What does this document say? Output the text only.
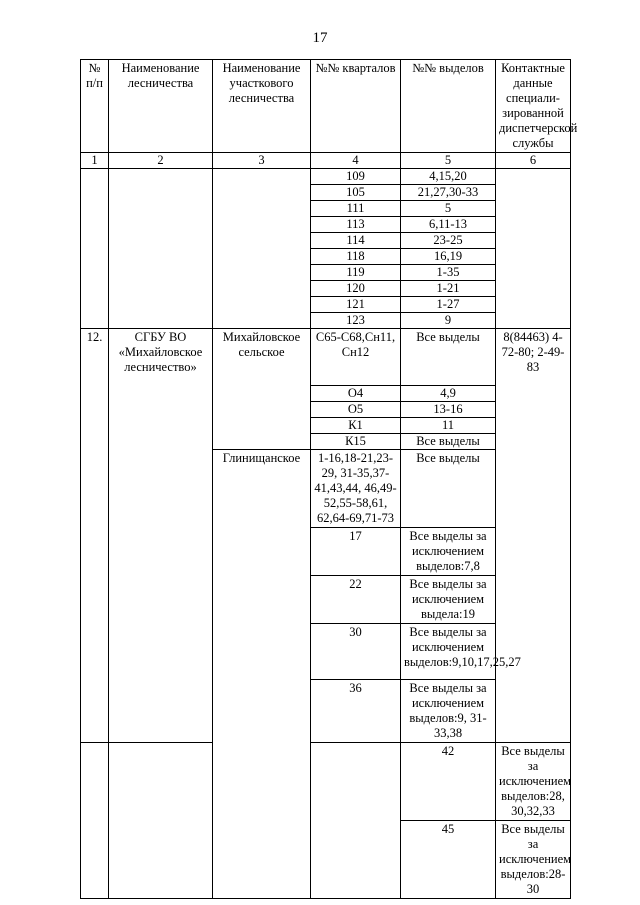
17
№ п/п	Наименование лесничества	Наименование участкового лесничества	№№ кварталов	№№ выделов	Контактные данные специали-зированной диспетчерской службы	
1	2	3	4	5	6	
			109	4,15,20		
			105	21,27,30-33		
			111	5		
			113	6,11-13		
			114	23-25		
			118	16,19		
			119	1-35		
			120	1-21		
			121	1-27		
			123	9		
12.	СГБУ ВО «Михайловское лесничество»	Михайловское сельское	С65-С68,Сн11, Сн12	Все выделы	8(84463) 4-72-80; 2-49-83	
			О4	4,9		
			О5	13-16		
			К1	11		
			К15	Все выделы		
		Глинищанское	1-16,18-21,23-29, 31-35,37-41,43,44, 46,49-52,55-58,61, 62,64-69,71-73	Все выделы		
			17	Все выделы за исключением выделов:7,8		
			22	Все выделы за исключением выдела:19		
			30	Все выделы за исключением выделов:9,10,17,25,27		
			36	Все выделы за исключением выделов:9, 31-33,38		
				42	Все выделы за исключением выделов:28, 30,32,33	
				45	Все выделы за исключением выделов:28-30	
